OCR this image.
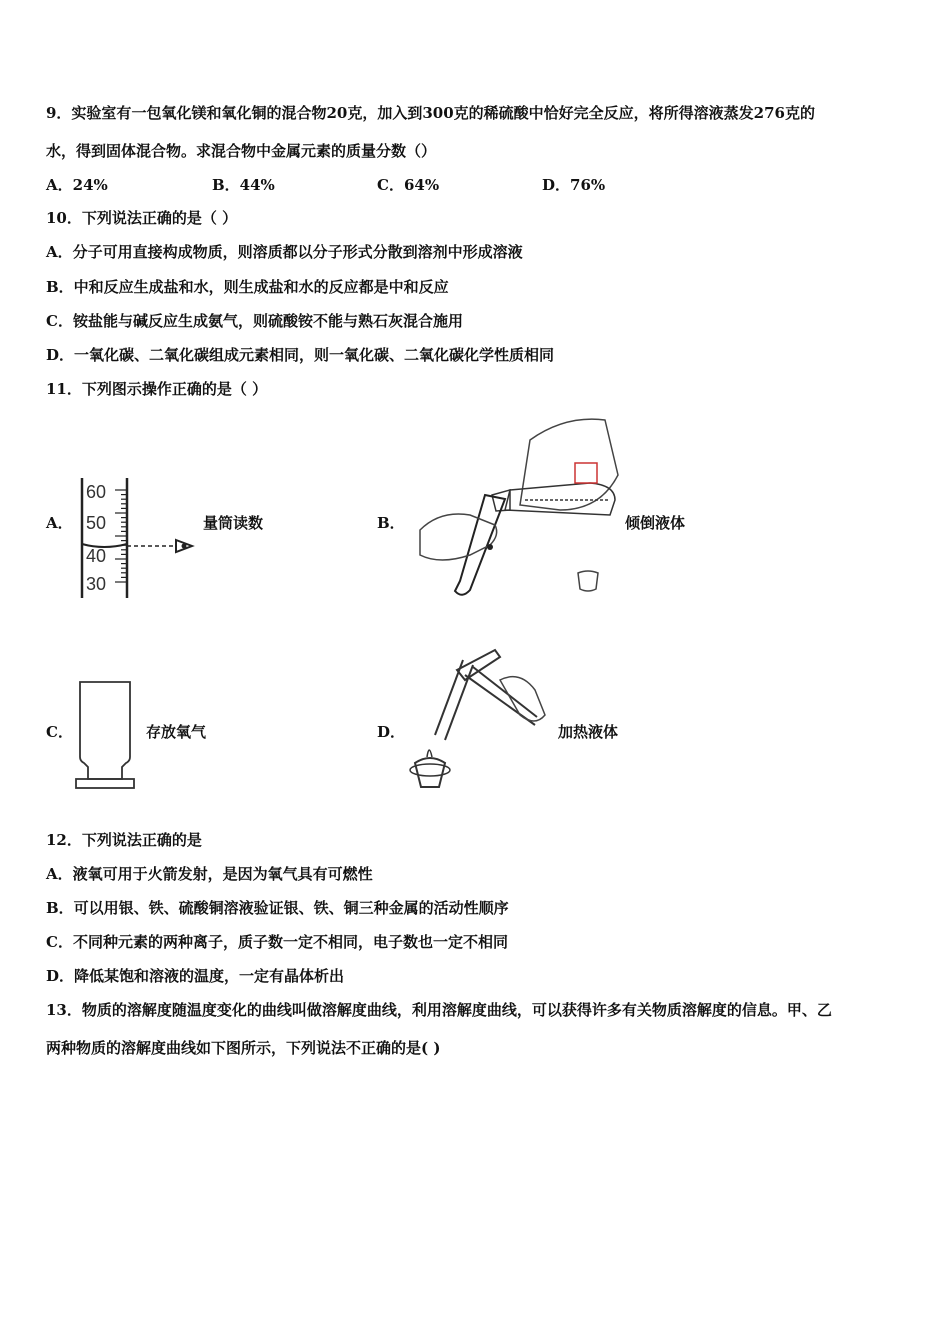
9．实验室有一包氧化镁和氧化铜的混合物20克，加入到300克的稀硫酸中恰好完全反应，将所得溶液蒸发276克的
水，得到固体混合物。求混合物中金属元素的质量分数（）
A．24%	B．44%	C．64%	D．76%
10．下列说法正确的是（ ）
A．分子可用直接构成物质，则溶质都以分子形式分散到溶剂中形成溶液
B．中和反应生成盐和水，则生成盐和水的反应都是中和反应
C．铵盐能与碱反应生成氨气，则硫酸铵不能与熟石灰混合施用
D．一氧化碳、二氧化碳组成元素相同，则一氧化碳、二氧化碳化学性质相同
11．下列图示操作正确的是（ ）
A．
60
50
40
30
量筒读数	B．	倾倒液体
C．	存放氧气	D．	加热液体
12．下列说法正确的是
A．液氧可用于火箭发射，是因为氧气具有可燃性
B．可以用银、铁、硫酸铜溶液验证银、铁、铜三种金属的活动性顺序
C．不同种元素的两种离子，质子数一定不相同，电子数也一定不相同
D．降低某饱和溶液的温度，一定有晶体析出
13．物质的溶解度随温度变化的曲线叫做溶解度曲线，利用溶解度曲线，可以获得许多有关物质溶解度的信息。甲、乙
两种物质的溶解度曲线如下图所示，下列说法不正确的是( )
